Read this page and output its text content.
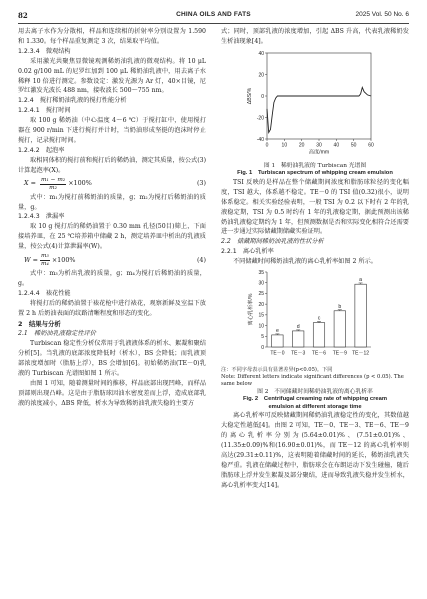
82	CHINA OILS AND FATS	2025 Vol. 50 No. 6

用去离子水作为分散相，样品和连续相的折射率分别设置为 1.590 和 1.330。每个样品重复测定 3 次，结果取平均值。

1.2.3.4　微观结构

采用激光共聚焦显微镜观测稀奶油乳液的微观结构。将 10 μL 0.02 g/100 mL 的尼罗红加到 100 μL 稀奶油乳液中，用去离子水稀释 10 倍进行测定。参数设定：激发光源为 Ar 灯，40×目镜，尼罗红激发光波长 488 nm，接收波长 500～755 nm。

1.2.4　搅打稀奶油乳液的搅打性能分析
1.2.4.1　搅打时间

取 100 g 稀奶油（中心温度 4～6 ℃）于搅打缸中，使用搅打器在 900 r/min 下进行搅打并计时，当奶油形成坚挺的泡沫时停止搅打，记录搅打时间。

1.2.4.2　起泡率

取相同体积的搅打前和搅打后的稀奶油，测定其质量，按公式(3)计算起泡率(X)。

$X = \frac{\text{m₁ − m₂}}{\text{m₂}} \times 100\%$	(3)

式中：m₁为搅打前稀奶油的质量，g；m₂为搅打后稀奶油的质量，g。

1.2.4.3　泄漏率

取 10 g 搅打后的稀奶油置于 0.30 mm 孔径(50目)筛上，下面接培养皿，在 25 ℃培养箱中储藏 2 h，测定培养皿中析出的乳液质量，按公式(4)计算泄漏率(W)。

$W = \frac{\text{m₃}}{\text{m₄}} \times 100\%$	(4)

式中：m₃为析出乳液的质量，g；m₄为搅打后稀奶油的质量，g。

1.2.4.4　裱花性能

将搅打后的稀奶油置于裱花枪中进行裱花，观察新鲜及室温下放置 2 h 后奶油表面的纹路清晰程度和形态的变化。

2　结果与分析
2.1　稀奶油乳液稳定性评价

Turbiscan 稳定性分析仪常用于乳液液体系的析水、絮凝和聚结分析[5]。当乳液的底部浓度降低时（析水），BS 会降低；而乳液顶部浓度增加时（脂肪上浮），BS 会增加[6]。初始稀奶油(TE－0)乳液的 Turbiscan 光谱图如图 1 所示。

由图 1 可知，随着测量时间的推移，样品底部出现凹峰，而样品顶部则出现凸峰。这是由于脂肪球因油水密度差而上浮，造成底部乳液的浓度减小，ΔBS 降低，析水为导致稀奶油乳液失稳的主要方

式；同时，顶部乳液的浓度增加，引起 ΔBS 升高，代表乳液稀奶发生析油现象[4]。

40
20
0
-20
-40
0	10 20 30 40 50 60
高度/mm
ΔBS/%
图 1　稀奶油乳液的 Turbiscan 光谱图
Fig. 1　Turbiscan spectrum of whipping cream emulsion

TSI 反映的是样品在整个储藏期间浓度和脂肪球粒径的变化幅度，TSI 越大，体系越不稳定。TE－0 的 TSI 值(0.32)很小，说明体系稳定。相关实验经验表明，一般 TSI 为 0.2 以下时有 2 年的乳液稳定期，TSI 为 0.5 时约有 1 年的乳液稳定期，据此预测出该稀奶油乳液稳定期约为 1 年，但预测数据是否和实际变化相符合还需要进一步通过实际储藏期储藏实验证明。

2.2　储藏期间稀奶油乳液的性状分析
2.2.1　离心乳析率

不同储藏时间稀奶油乳液的离心乳析率如图 2 所示。

0
5
10
15
20
25
30
35
离心乳析率/%
e
TE－0
d
TE－3
c
TE－6
b
TE－9
a
TE－12
注：不同字母表示具有显著差异(p<0.05)。下同
Note: Different letters indicate significant differences (p < 0.05). The same below
图 2　不同储藏时间稀奶油乳液的离心乳析率
Fig. 2　Centrifugal creaming rate of whipping cream
emulsion at different storage time

离心乳析率可反映储藏期间稀奶油乳液稳定性的变化，其数值越大稳定性越低[4]。由图 2 可知，TE－0、TE－3、TE－6、TE－9 的离心乳析率分别为(5.64±0.01)%、(7.51±0.01)%、(11.35±0.09)%和(16.90±0.01)%，而 TE－12 的离心乳析率则高达(29.31±0.11)%，这表明随着储藏时间的延长，稀奶油乳液失稳严重。乳液在储藏过程中，脂肪球会在布朗运动下发生碰撞，随后脂肪球上浮并发生絮凝及部分聚结，进而导致乳液失稳并发生析水，离心乳析率变大[14]。
